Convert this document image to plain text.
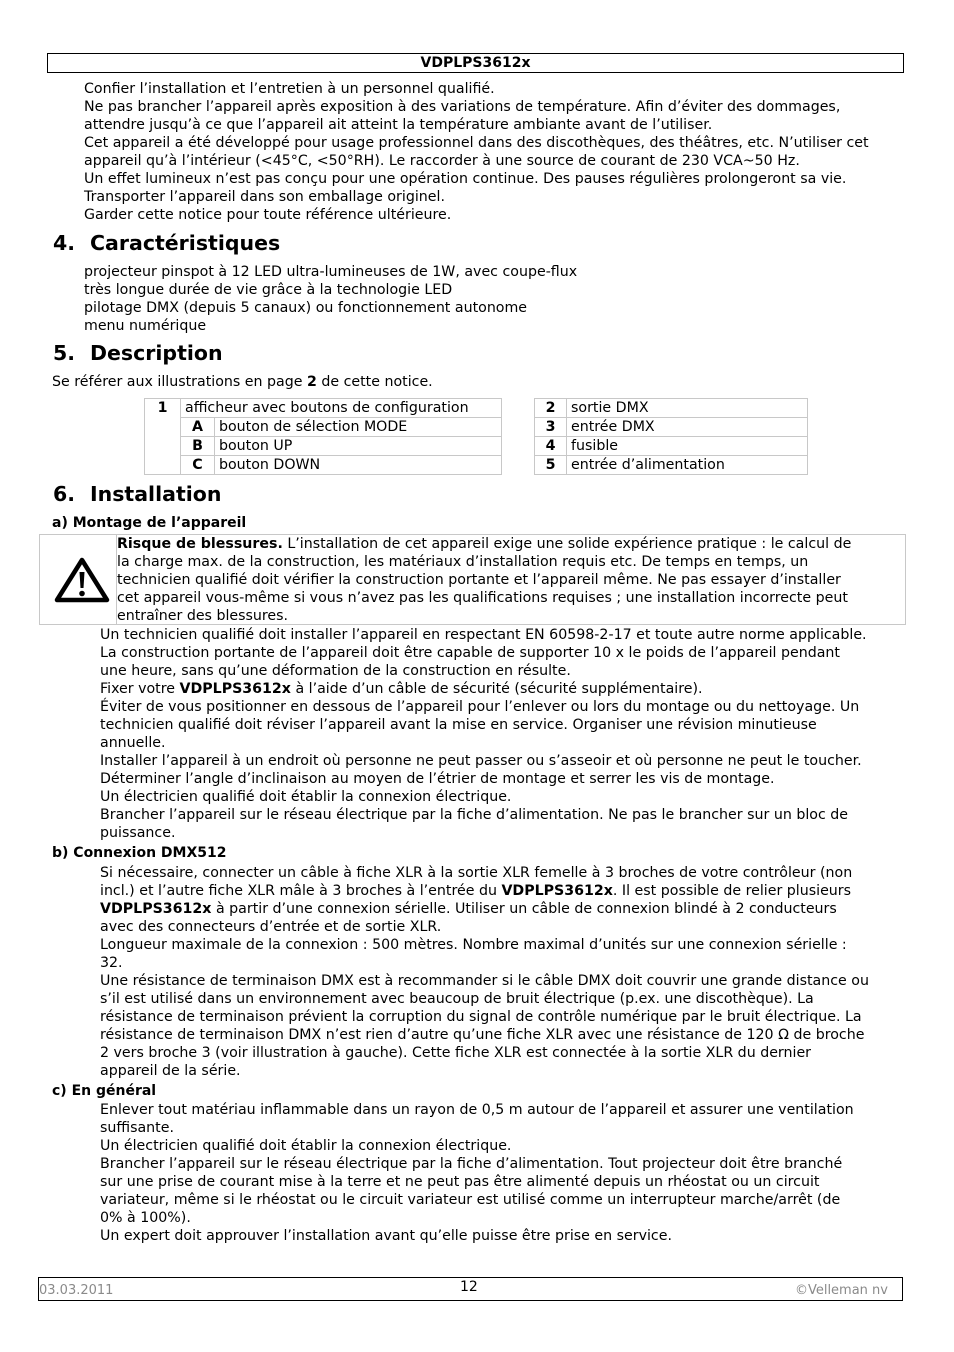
VDPLPS3612x
Confier l’installation et l’entretien à un personnel qualifié.
Ne pas brancher l’appareil après exposition à des variations de température. Afin d’éviter des dommages,
attendre jusqu’à ce que l’appareil ait atteint la température ambiante avant de l’utiliser.
Cet appareil a été développé pour usage professionnel dans des discothèques, des théâtres, etc. N’utiliser cet
appareil qu’à l’intérieur (<45°C, <50°RH). Le raccorder à une source de courant de 230 VCA~50 Hz.
Un effet lumineux n’est pas conçu pour une opération continue. Des pauses régulières prolongeront sa vie.
Transporter l’appareil dans son emballage originel.
Garder cette notice pour toute référence ultérieure.
4. Caractéristiques
projecteur pinspot à 12 LED ultra-lumineuses de 1W, avec coupe-flux
très longue durée de vie grâce à la technologie LED
pilotage DMX (depuis 5 canaux) ou fonctionnement autonome
menu numérique
5. Description
Se référer aux illustrations en page 2 de cette notice.
1	afficheur avec boutons de configuration	
	A	bouton de sélection MODE
	B	bouton UP
	C	bouton DOWN
2	sortie DMX
3	entrée DMX
4	fusible
5	entrée d’alimentation
6. Installation
a) Montage de l’appareil
Risque de blessures. L’installation de cet appareil exige une solide expérience pratique : le calcul de
la charge max. de la construction, les matériaux d’installation requis etc. De temps en temps, un
technicien qualifié doit vérifier la construction portante et l’appareil même. Ne pas essayer d’installer
cet appareil vous-même si vous n’avez pas les qualifications requises ; une installation incorrecte peut
entraîner des blessures.
Un technicien qualifié doit installer l’appareil en respectant EN 60598-2-17 et toute autre norme applicable.
La construction portante de l’appareil doit être capable de supporter 10 x le poids de l’appareil pendant
une heure, sans qu’une déformation de la construction en résulte.
Fixer votre VDPLPS3612x à l’aide d’un câble de sécurité (sécurité supplémentaire).
Éviter de vous positionner en dessous de l’appareil pour l’enlever ou lors du montage ou du nettoyage. Un
technicien qualifié doit réviser l’appareil avant la mise en service. Organiser une révision minutieuse
annuelle.
Installer l’appareil à un endroit où personne ne peut passer ou s’asseoir et où personne ne peut le toucher.
Déterminer l’angle d’inclinaison au moyen de l’étrier de montage et serrer les vis de montage.
Un électricien qualifié doit établir la connexion électrique.
Brancher l’appareil sur le réseau électrique par la fiche d’alimentation. Ne pas le brancher sur un bloc de
puissance.
b) Connexion DMX512
Si nécessaire, connecter un câble à fiche XLR à la sortie XLR femelle à 3 broches de votre contrôleur (non
incl.) et l’autre fiche XLR mâle à 3 broches à l’entrée du VDPLPS3612x. Il est possible de relier plusieurs
VDPLPS3612x à partir d’une connexion sérielle. Utiliser un câble de connexion blindé à 2 conducteurs
avec des connecteurs d’entrée et de sortie XLR.
Longueur maximale de la connexion : 500 mètres. Nombre maximal d’unités sur une connexion sérielle :
32.
Une résistance de terminaison DMX est à recommander si le câble DMX doit couvrir une grande distance ou
s’il est utilisé dans un environnement avec beaucoup de bruit électrique (p.ex. une discothèque). La
résistance de terminaison prévient la corruption du signal de contrôle numérique par le bruit électrique. La
résistance de terminaison DMX n’est rien d’autre qu’une fiche XLR avec une résistance de 120 Ω de broche
2 vers broche 3 (voir illustration à gauche). Cette fiche XLR est connectée à la sortie XLR du dernier
appareil de la série.
c) En général
Enlever tout matériau inflammable dans un rayon de 0,5 m autour de l’appareil et assurer une ventilation
suffisante.
Un électricien qualifié doit établir la connexion électrique.
Brancher l’appareil sur le réseau électrique par la fiche d’alimentation. Tout projecteur doit être branché
sur une prise de courant mise à la terre et ne peut pas être alimenté depuis un rhéostat ou un circuit
variateur, même si le rhéostat ou le circuit variateur est utilisé comme un interrupteur marche/arrêt (de
0% à 100%).
Un expert doit approuver l’installation avant qu’elle puisse être prise en service.
03.03.2011	12	©Velleman nv
